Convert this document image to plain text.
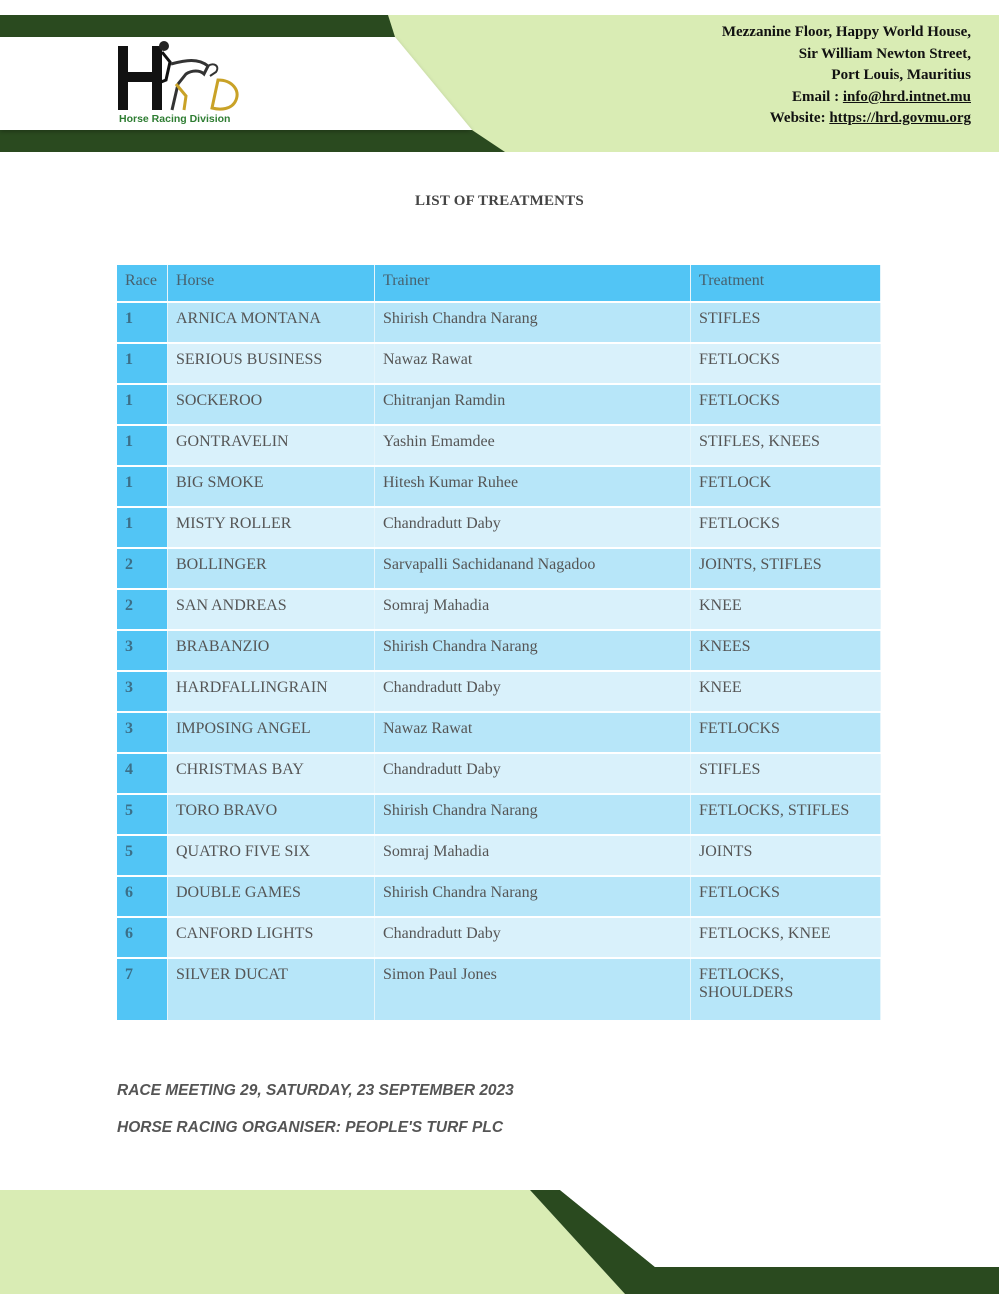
Horse Racing Division
Mezzanine Floor, Happy World House,
Sir William Newton Street,
Port Louis, Mauritius
Email : info@hrd.intnet.mu
Website: https://hrd.govmu.org
LIST OF TREATMENTS
Race	Horse	Trainer	Treatment
1	ARNICA MONTANA	Shirish Chandra Narang	STIFLES
1	SERIOUS BUSINESS	Nawaz Rawat	FETLOCKS
1	SOCKEROO	Chitranjan Ramdin	FETLOCKS
1	GONTRAVELIN	Yashin Emamdee	STIFLES, KNEES
1	BIG SMOKE	Hitesh Kumar Ruhee	FETLOCK
1	MISTY ROLLER	Chandradutt Daby	FETLOCKS
2	BOLLINGER	Sarvapalli Sachidanand Nagadoo	JOINTS, STIFLES
2	SAN ANDREAS	Somraj Mahadia	KNEE
3	BRABANZIO	Shirish Chandra Narang	KNEES
3	HARDFALLINGRAIN	Chandradutt Daby	KNEE
3	IMPOSING ANGEL	Nawaz Rawat	FETLOCKS
4	CHRISTMAS BAY	Chandradutt Daby	STIFLES
5	TORO BRAVO	Shirish Chandra Narang	FETLOCKS, STIFLES
5	QUATRO FIVE SIX	Somraj Mahadia	JOINTS
6	DOUBLE GAMES	Shirish Chandra Narang	FETLOCKS
6	CANFORD LIGHTS	Chandradutt Daby	FETLOCKS, KNEE
7	SILVER DUCAT	Simon Paul Jones	FETLOCKS,
SHOULDERS
RACE MEETING 29, SATURDAY, 23 SEPTEMBER 2023
HORSE RACING ORGANISER: PEOPLE'S TURF PLC
